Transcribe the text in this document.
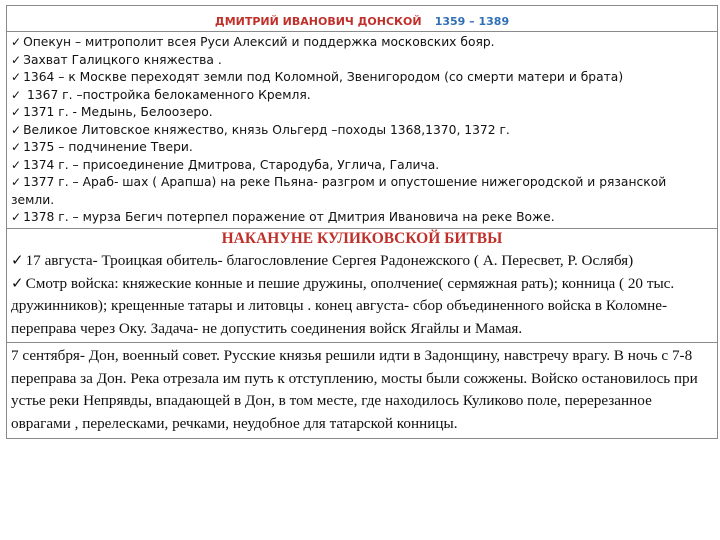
ДМИТРИЙ ИВАНОВИЧ ДОНСКОЙ 1359 – 1389

✓ Опекун – митрополит всея Руси Алексий и поддержка московских бояр.

✓ Захват Галицкого княжества .

✓ 1364 – к Москве переходят земли под Коломной, Звенигородом (со смерти матери и брата)

✓ 1367 г. –постройка белокаменного Кремля.

✓ 1371 г. - Медынь, Белоозеро.

✓ Великое Литовское княжество, князь Ольгерд –походы 1368,1370, 1372 г.

✓ 1375 – подчинение Твери.

✓ 1374 г. – присоединение Дмитрова, Стародуба, Углича, Галича.

✓ 1377 г. – Араб- шах ( Арапша) на реке Пьяна- разгром и опустошение нижегородской и рязанской земли.

✓ 1378 г. – мурза Бегич потерпел поражение от Дмитрия Ивановича на реке Воже.

НАКАНУНЕ КУЛИКОВСКОЙ БИТВЫ

✓ 17 августа- Троицкая обитель- благословление Сергея Радонежского ( А. Пересвет, Р. Ослябя)

✓ Смотр войска: княжеские конные и пешие дружины, ополчение( сермяжная рать); конница ( 20 тыс. дружинников); крещенные татары и литовцы . конец августа- сбор объединенного войска в Коломне- переправа через Оку. Задача- не допустить соединения войск Ягайлы и Мамая.

7 сентября- Дон, военный совет. Русские князья решили идти в Задонщину, навстречу врагу. В ночь с 7-8 переправа за Дон. Река отрезала им путь к отступлению, мосты были сожжены. Войско остановилось при устье реки Непрявды, впадающей в Дон, в том месте, где находилось Куликово поле, перерезанное оврагами , перелесками, речками, неудобное для татарской конницы.
